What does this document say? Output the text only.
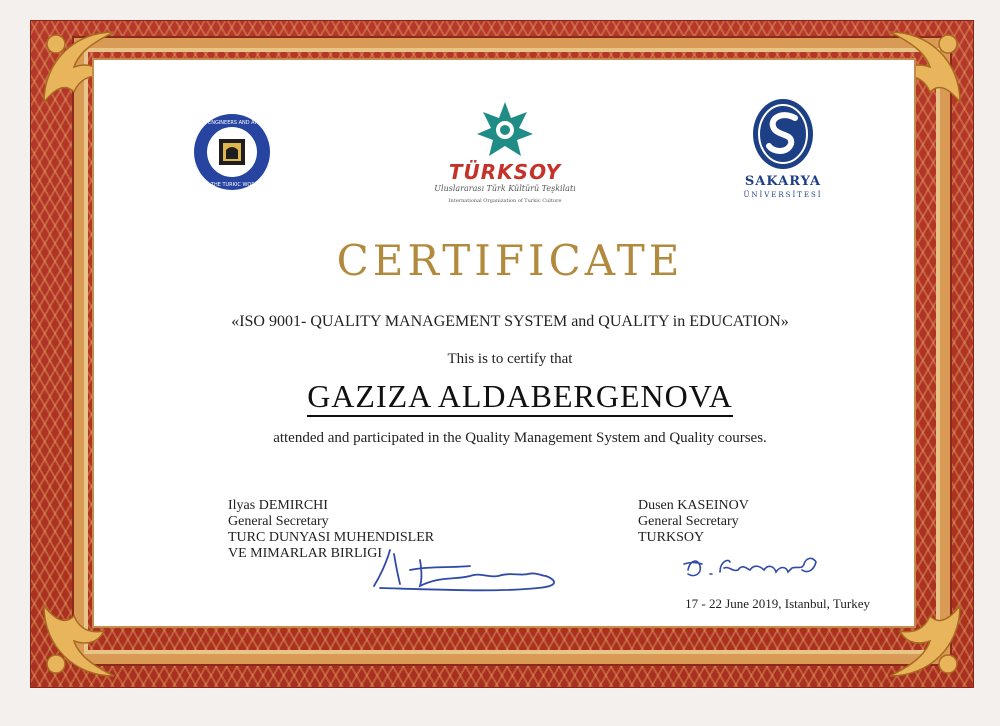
UNION OF ENGINEERS AND ARCHITECTS
OF THE TURKIC WORLD
TÜRKSOY
Uluslararası Türk Kültürü Teşkilatı
International Organization of Turkic Culture
SAKARYA
ÜNİVERSİTESİ
CERTIFICATE
«ISO 9001- QUALITY MANAGEMENT SYSTEM and QUALITY in EDUCATION»
This is to certify that
GAZIZA ALDABERGENOVA
attended and participated in the Quality Management System and Quality courses.
Ilyas DEMIRCHI
General Secretary
TURC DUNYASI MUHENDISLER
VE MIMARLAR BIRLIGI
Dusen KASEINOV
General Secretary
TURKSOY
17 - 22 June 2019, Istanbul, Turkey
